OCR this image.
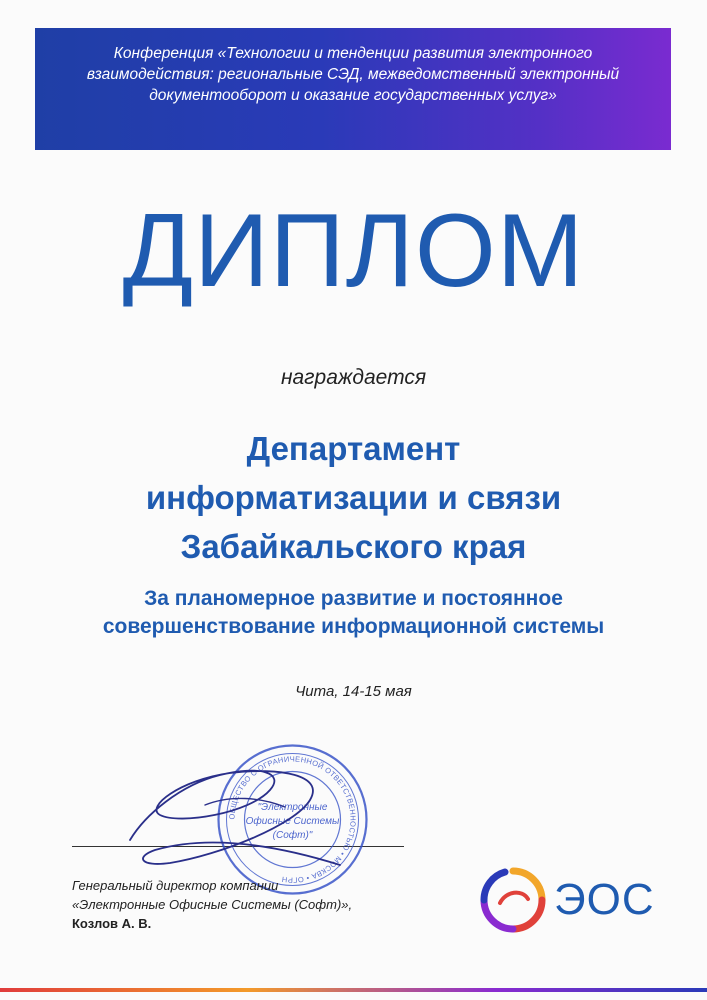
Конференция «Технологии и тенденции развития электронного
взаимодействия: региональные СЭД, межведомственный электронный
документооборот и оказание государственных услуг»

ДИПЛОМ
награждается
Департамент
информатизации и связи
Забайкальского края

За планомерное развитие и постоянное
совершенствование информационной системы

Чита, 14-15 мая
ОБЩЕСТВО С ОГРАНИЧЕННОЙ ОТВЕТСТВЕННОСТЬЮ • МОСКВА • ОГРН
"Электронные
Офисные Системы
(Софт)"
Генеральный директор компании
«Электронные Офисные Системы (Софт)»,
Козлов А. В.	ЭОС
